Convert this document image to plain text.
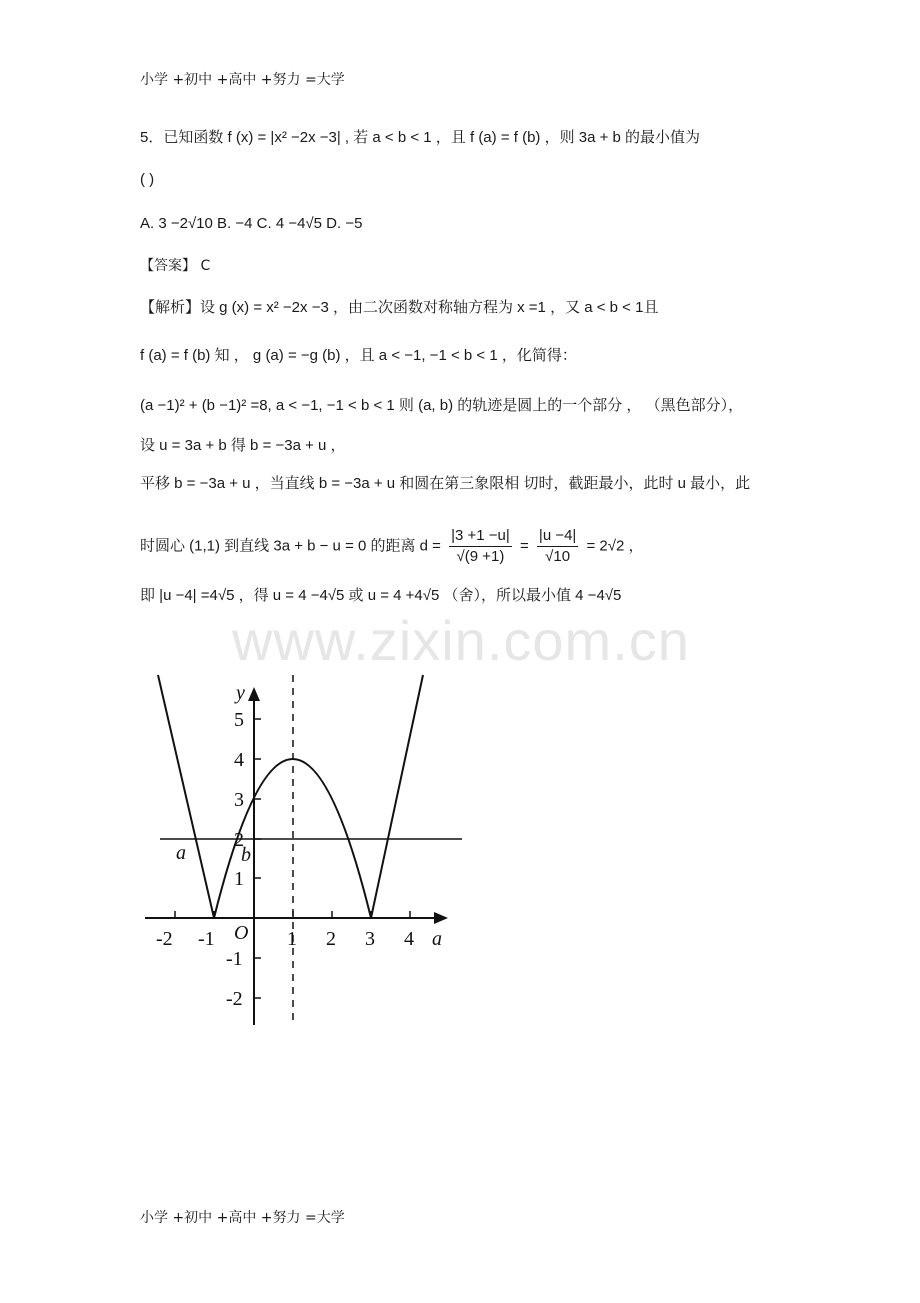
小学 +初中 +高中 +努力 =大学
5．已知函数 f (x) = |x² −2x −3| , 若 a < b < 1 ，且 f (a) = f (b) ，则 3a + b 的最小值为
( )
A. 3 −2√10 B. −4 C. 4 −4√5 D. −5
【答案】 C
【解析】设 g (x) = x² −2x −3 ，由二次函数对称轴方程为 x =1 ，又 a < b < 1且
f (a) = f (b) 知 ， g (a) = −g (b) ，且 a < −1, −1 < b < 1 ，化简得：
(a −1)² + (b −1)² =8, a < −1, −1 < b < 1 则 (a, b) 的轨迹是圆上的一个部分 ， （黑色部分），
设 u = 3a + b 得 b = −3a + u ，
平移 b = −3a + u ，当直线 b = −3a + u 和圆在第三象限相 切时，截距最小，此时 u 最小，此
时圆心 (1,1) 到直线 3a + b − u = 0 的距离 $d = \frac{|3 +1 -u|}{√(9 +1)} = \frac{|u -4|}{√10} = 2√2$ ，
即 |u −4| =4√5 ，得 u = 4 −4√5 或 u = 4 +4√5 （舍），所以最小值 4 −4√5
www.zixin.com.cn
y
a
O
5
4
3
2
1
-1
-2
-2 -1	1 2 3 4
a	b
小学 +初中 +高中 +努力 =大学
